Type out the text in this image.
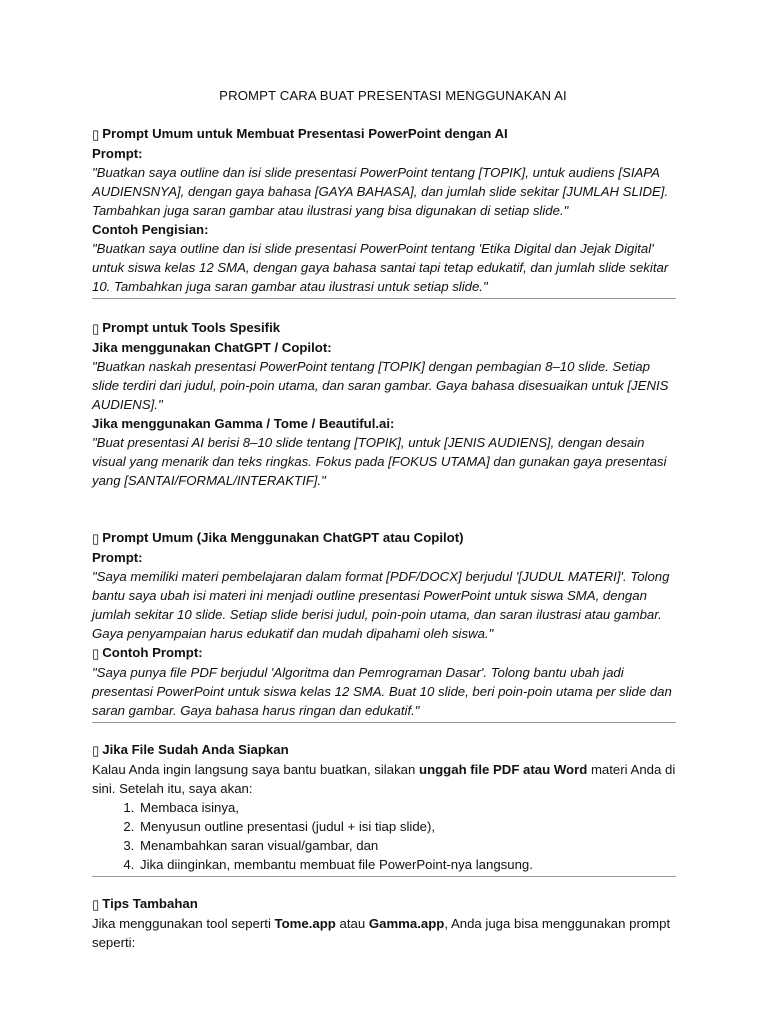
PROMPT CARA BUAT PRESENTASI MENGGUNAKAN AI

▯ Prompt Umum untuk Membuat Presentasi PowerPoint dengan AI

Prompt:

"Buatkan saya outline dan isi slide presentasi PowerPoint tentang [TOPIK], untuk audiens [SIAPA AUDIENSNYA], dengan gaya bahasa [GAYA BAHASA], dan jumlah slide sekitar [JUMLAH SLIDE]. Tambahkan juga saran gambar atau ilustrasi yang bisa digunakan di setiap slide."

Contoh Pengisian:

"Buatkan saya outline dan isi slide presentasi PowerPoint tentang 'Etika Digital dan Jejak Digital' untuk siswa kelas 12 SMA, dengan gaya bahasa santai tapi tetap edukatif, dan jumlah slide sekitar 10. Tambahkan juga saran gambar atau ilustrasi untuk setiap slide."

▯ Prompt untuk Tools Spesifik

Jika menggunakan ChatGPT / Copilot:

"Buatkan naskah presentasi PowerPoint tentang [TOPIK] dengan pembagian 8–10 slide. Setiap slide terdiri dari judul, poin-poin utama, dan saran gambar. Gaya bahasa disesuaikan untuk [JENIS AUDIENS]."

Jika menggunakan Gamma / Tome / Beautiful.ai:

"Buat presentasi AI berisi 8–10 slide tentang [TOPIK], untuk [JENIS AUDIENS], dengan desain visual yang menarik dan teks ringkas. Fokus pada [FOKUS UTAMA] dan gunakan gaya presentasi yang [SANTAI/FORMAL/INTERAKTIF]."

▯ Prompt Umum (Jika Menggunakan ChatGPT atau Copilot)

Prompt:

"Saya memiliki materi pembelajaran dalam format [PDF/DOCX] berjudul '[JUDUL MATERI]'. Tolong bantu saya ubah isi materi ini menjadi outline presentasi PowerPoint untuk siswa SMA, dengan jumlah sekitar 10 slide. Setiap slide berisi judul, poin-poin utama, dan saran ilustrasi atau gambar. Gaya penyampaian harus edukatif dan mudah dipahami oleh siswa."

▯ Contoh Prompt:

"Saya punya file PDF berjudul 'Algoritma dan Pemrograman Dasar'. Tolong bantu ubah jadi presentasi PowerPoint untuk siswa kelas 12 SMA. Buat 10 slide, beri poin-poin utama per slide dan saran gambar. Gaya bahasa harus ringan dan edukatif."

▯ Jika File Sudah Anda Siapkan

Kalau Anda ingin langsung saya bantu buatkan, silakan unggah file PDF atau Word materi Anda di sini. Setelah itu, saya akan:

1. Membaca isinya,
2. Menyusun outline presentasi (judul + isi tiap slide),
3. Menambahkan saran visual/gambar, dan
4. Jika diinginkan, membantu membuat file PowerPoint-nya langsung.

▯ Tips Tambahan

Jika menggunakan tool seperti Tome.app atau Gamma.app, Anda juga bisa menggunakan prompt seperti:
